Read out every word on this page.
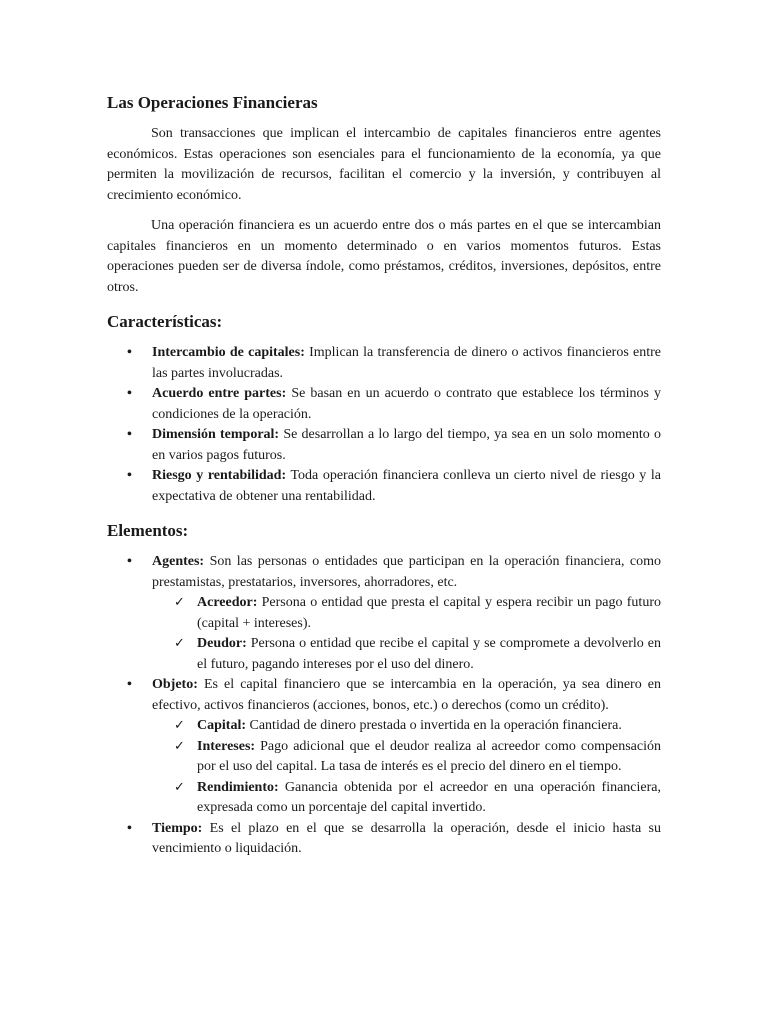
Las Operaciones Financieras

Son transacciones que implican el intercambio de capitales financieros entre agentes económicos. Estas operaciones son esenciales para el funcionamiento de la economía, ya que permiten la movilización de recursos, facilitan el comercio y la inversión, y contribuyen al crecimiento económico.

Una operación financiera es un acuerdo entre dos o más partes en el que se intercambian capitales financieros en un momento determinado o en varios momentos futuros. Estas operaciones pueden ser de diversa índole, como préstamos, créditos, inversiones, depósitos, entre otros.

Características:
• Intercambio de capitales: Implican la transferencia de dinero o activos financieros entre las partes involucradas.
• Acuerdo entre partes: Se basan en un acuerdo o contrato que establece los términos y condiciones de la operación.
• Dimensión temporal: Se desarrollan a lo largo del tiempo, ya sea en un solo momento o en varios pagos futuros.
• Riesgo y rentabilidad: Toda operación financiera conlleva un cierto nivel de riesgo y la expectativa de obtener una rentabilidad.
Elementos:
• Agentes: Son las personas o entidades que participan en la operación financiera, como prestamistas, prestatarios, inversores, ahorradores, etc.
✓ Acreedor: Persona o entidad que presta el capital y espera recibir un pago futuro (capital + intereses).
✓ Deudor: Persona o entidad que recibe el capital y se compromete a devolverlo en el futuro, pagando intereses por el uso del dinero.
• Objeto: Es el capital financiero que se intercambia en la operación, ya sea dinero en efectivo, activos financieros (acciones, bonos, etc.) o derechos (como un crédito).
✓ Capital: Cantidad de dinero prestada o invertida en la operación financiera.
✓ Intereses: Pago adicional que el deudor realiza al acreedor como compensación por el uso del capital. La tasa de interés es el precio del dinero en el tiempo.
✓ Rendimiento: Ganancia obtenida por el acreedor en una operación financiera, expresada como un porcentaje del capital invertido.
• Tiempo: Es el plazo en el que se desarrolla la operación, desde el inicio hasta su vencimiento o liquidación.
